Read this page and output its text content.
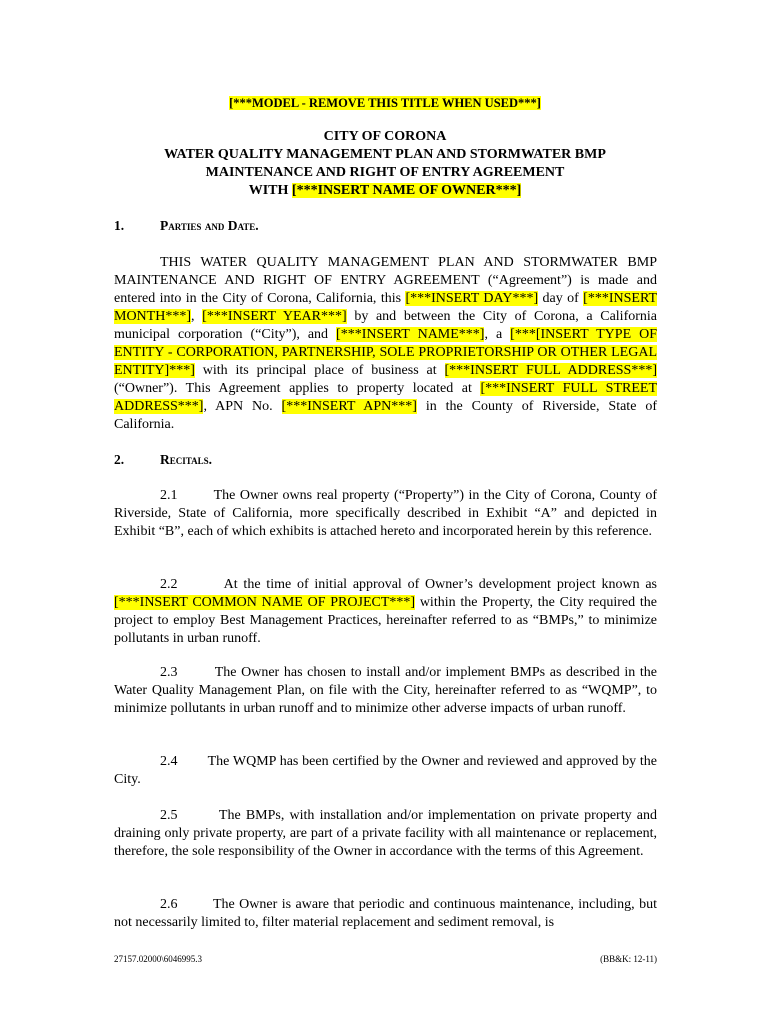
[***MODEL - REMOVE THIS TITLE WHEN USED***]
CITY OF CORONA
WATER QUALITY MANAGEMENT PLAN AND STORMWATER BMP
MAINTENANCE AND RIGHT OF ENTRY AGREEMENT
WITH [***INSERT NAME OF OWNER***]
1.	Parties and Date.
THIS WATER QUALITY MANAGEMENT PLAN AND STORMWATER BMP MAINTENANCE AND RIGHT OF ENTRY AGREEMENT (“Agreement”) is made and entered into in the City of Corona, California, this [***INSERT DAY***] day of [***INSERT MONTH***], [***INSERT YEAR***] by and between the City of Corona, a California municipal corporation (“City”), and [***INSERT NAME***], a [***[INSERT TYPE OF ENTITY - CORPORATION, PARTNERSHIP, SOLE PROPRIETORSHIP OR OTHER LEGAL ENTITY]***] with its principal place of business at [***INSERT FULL ADDRESS***] (“Owner”). This Agreement applies to property located at [***INSERT FULL STREET ADDRESS***], APN No. [***INSERT APN***] in the County of Riverside, State of California.
2.	Recitals.
2.1        The Owner owns real property (“Property”) in the City of Corona, County of Riverside, State of California, more specifically described in Exhibit “A” and depicted in Exhibit “B”, each of which exhibits is attached hereto and incorporated herein by this reference.
2.2        At the time of initial approval of Owner’s development project known as [***INSERT COMMON NAME OF PROJECT***] within the Property, the City required the project to employ Best Management Practices, hereinafter referred to as “BMPs,” to minimize pollutants in urban runoff.
2.3        The Owner has chosen to install and/or implement BMPs as described in the Water Quality Management Plan, on file with the City, hereinafter referred to as “WQMP”, to minimize pollutants in urban runoff and to minimize other adverse impacts of urban runoff.
2.4        The WQMP has been certified by the Owner and reviewed and approved by the City.
2.5        The BMPs, with installation and/or implementation on private property and draining only private property, are part of a private facility with all maintenance or replacement, therefore, the sole responsibility of the Owner in accordance with the terms of this Agreement.
2.6        The Owner is aware that periodic and continuous maintenance, including, but not necessarily limited to, filter material replacement and sediment removal, is
27157.02000\6046995.3	(BB&K: 12-11)
